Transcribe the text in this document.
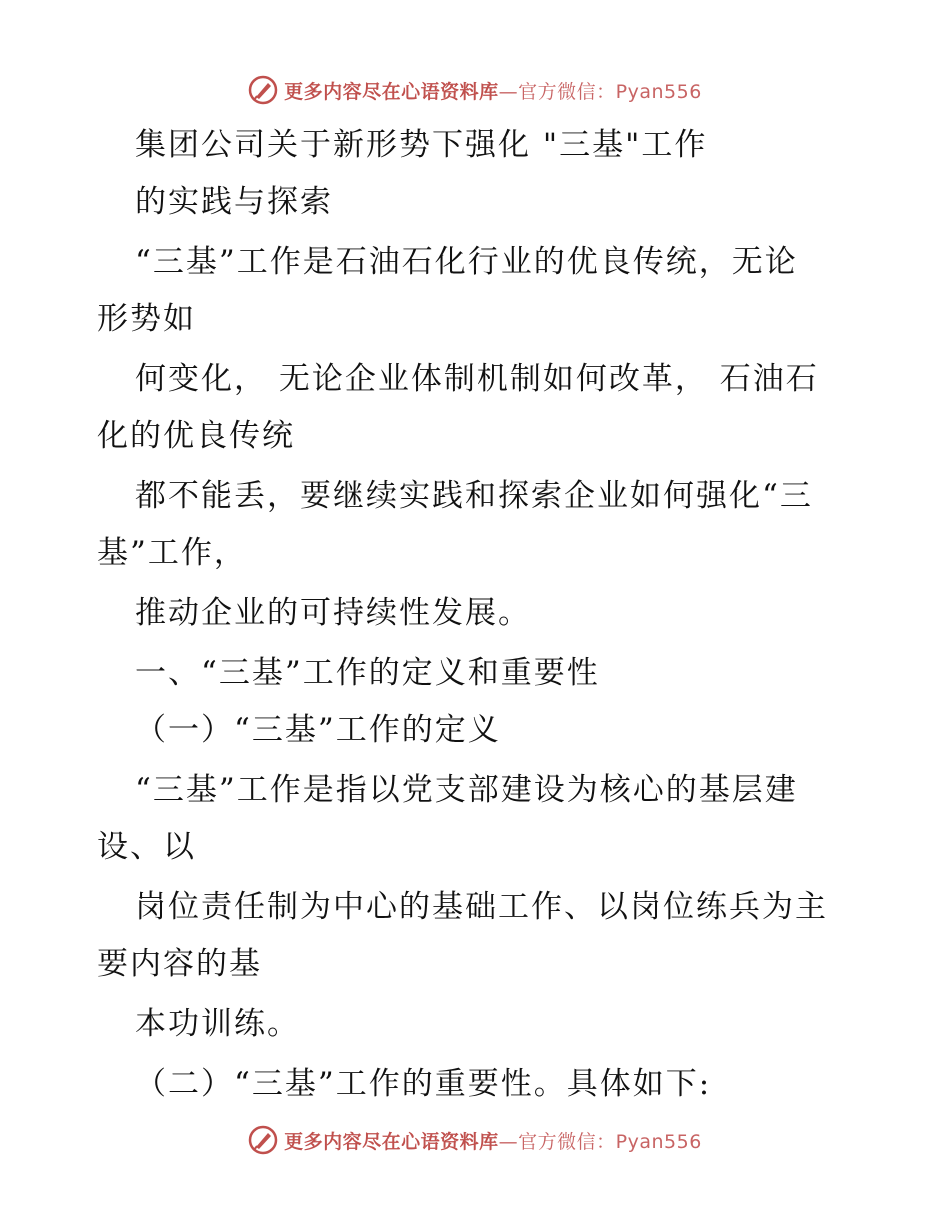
更多内容尽在心语资料库—官方微信：Pyan556
集团公司关于新形势下强化 "三基"工作
的实践与探索
“三基”工作是石油石化行业的优良传统，无论
形势如
何变化， 无论企业体制机制如何改革， 石油石
化的优良传统
都不能丢，要继续实践和探索企业如何强化“三
基”工作，
推动企业的可持续性发展。
一、“三基”工作的定义和重要性
（一）“三基”工作的定义
“三基”工作是指以党支部建设为核心的基层建
设、以
岗位责任制为中心的基础工作、以岗位练兵为主
要内容的基
本功训练。
（二）“三基”工作的重要性。具体如下:
更多内容尽在心语资料库—官方微信：Pyan556
